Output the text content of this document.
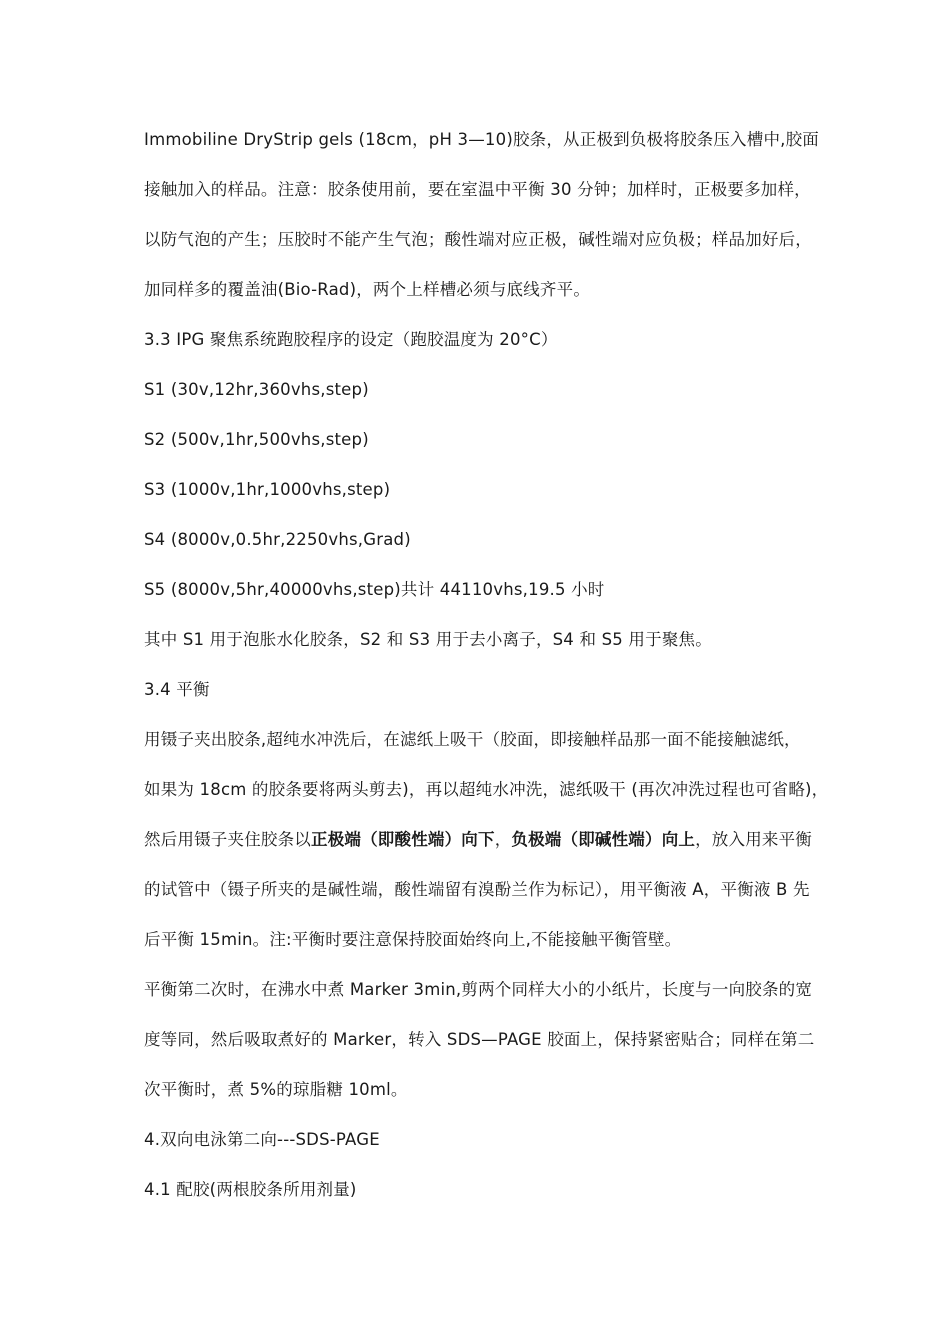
Immobiline DryStrip gels (18cm，pH 3—10)胶条，从正极到负极将胶条压入槽中,胶面
接触加入的样品。注意：胶条使用前，要在室温中平衡 30 分钟；加样时，正极要多加样，
以防气泡的产生；压胶时不能产生气泡；酸性端对应正极，碱性端对应负极；样品加好后，
加同样多的覆盖油(Bio-Rad)，两个上样槽必须与底线齐平。
3.3 IPG 聚焦系统跑胶程序的设定（跑胶温度为 20°C）
S1 (30v,12hr,360vhs,step)
S2 (500v,1hr,500vhs,step)
S3 (1000v,1hr,1000vhs,step)
S4 (8000v,0.5hr,2250vhs,Grad)
S5 (8000v,5hr,40000vhs,step)共计 44110vhs,19.5 小时
其中 S1 用于泡胀水化胶条，S2 和 S3 用于去小离子，S4 和 S5 用于聚焦。
3.4 平衡
用镊子夹出胶条,超纯水冲洗后，在滤纸上吸干（胶面，即接触样品那一面不能接触滤纸，
如果为 18cm 的胶条要将两头剪去)，再以超纯水冲洗，滤纸吸干 (再次冲洗过程也可省略)，
然后用镊子夹住胶条以正极端（即酸性端）向下，负极端（即碱性端）向上，放入用来平衡
的试管中（镊子所夹的是碱性端，酸性端留有溴酚兰作为标记），用平衡液 A，平衡液 B 先
后平衡 15min。注:平衡时要注意保持胶面始终向上,不能接触平衡管壁。
平衡第二次时，在沸水中煮 Marker 3min,剪两个同样大小的小纸片，长度与一向胶条的宽
度等同，然后吸取煮好的 Marker，转入 SDS—PAGE 胶面上，保持紧密贴合；同样在第二
次平衡时，煮 5%的琼脂糖 10ml。
4.双向电泳第二向---SDS-PAGE
4.1 配胶(两根胶条所用剂量)
